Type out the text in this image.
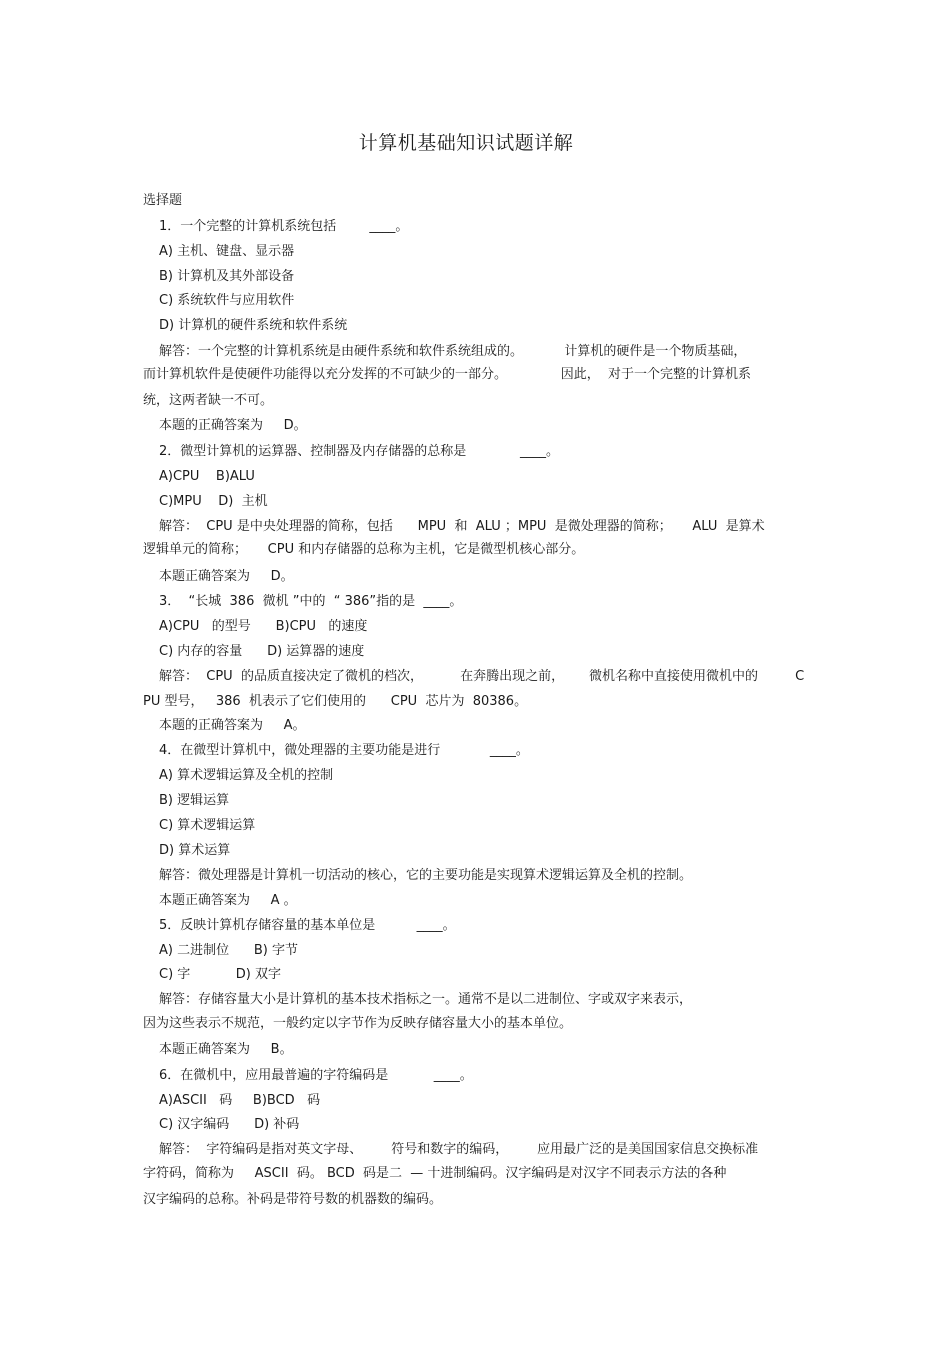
计算机基础知识试题详解
选择题
1．一个完整的计算机系统包括        ____。
A) 主机、键盘、显示器
B) 计算机及其外部设备
C) 系统软件与应用软件
D) 计算机的硬件系统和软件系统
解答：一个完整的计算机系统是由硬件系统和软件系统组成的。          计算机的硬件是一个物质基础，
而计算机软件是使硬件功能得以充分发挥的不可缺少的一部分。             因此，  对于一个完整的计算机系
统，这两者缺一不可。
本题的正确答案为     D。
2．微型计算机的运算器、控制器及内存储器的总称是             ____。
A)CPU    B)ALU
C)MPU    D)  主机
解答：  CPU 是中央处理器的简称，包括      MPU  和  ALU ；MPU  是微处理器的简称；     ALU  是算术
逻辑单元的简称；     CPU 和内存储器的总称为主机，它是微型机核心部分。
本题正确答案为     D。
3．  “长城  386  微机 ”中的  “ 386”指的是  ____。
A)CPU   的型号      B)CPU   的速度
C) 内存的容量      D) 运算器的速度
解答：  CPU  的品质直接决定了微机的档次，         在奔腾出现之前，      微机名称中直接使用微机中的         C
PU 型号，   386  机表示了它们使用的      CPU  芯片为  80386。
本题的正确答案为     A。
4．在微型计算机中，微处理器的主要功能是进行            ____。
A) 算术逻辑运算及全机的控制
B) 逻辑运算
C) 算术逻辑运算
D) 算术运算
解答：微处理器是计算机一切活动的核心，它的主要功能是实现算术逻辑运算及全机的控制。
本题正确答案为     A 。
5．反映计算机存储容量的基本单位是          ____。
A) 二进制位      B) 字节
C) 字           D) 双字
解答：存储容量大小是计算机的基本技术指标之一。通常不是以二进制位、字或双字来表示，
因为这些表示不规范，一般约定以字节作为反映存储容量大小的基本单位。
本题正确答案为     B。
6．在微机中，应用最普遍的字符编码是           ____。
A)ASCII   码     B)BCD   码
C) 汉字编码      D) 补码
解答：  字符编码是指对英文字母、       符号和数字的编码，       应用最广泛的是美国国家信息交换标准
字符码，简称为     ASCII  码。 BCD  码是二  — 十进制编码。汉字编码是对汉字不同表示方法的各种
汉字编码的总称。补码是带符号数的机器数的编码。
